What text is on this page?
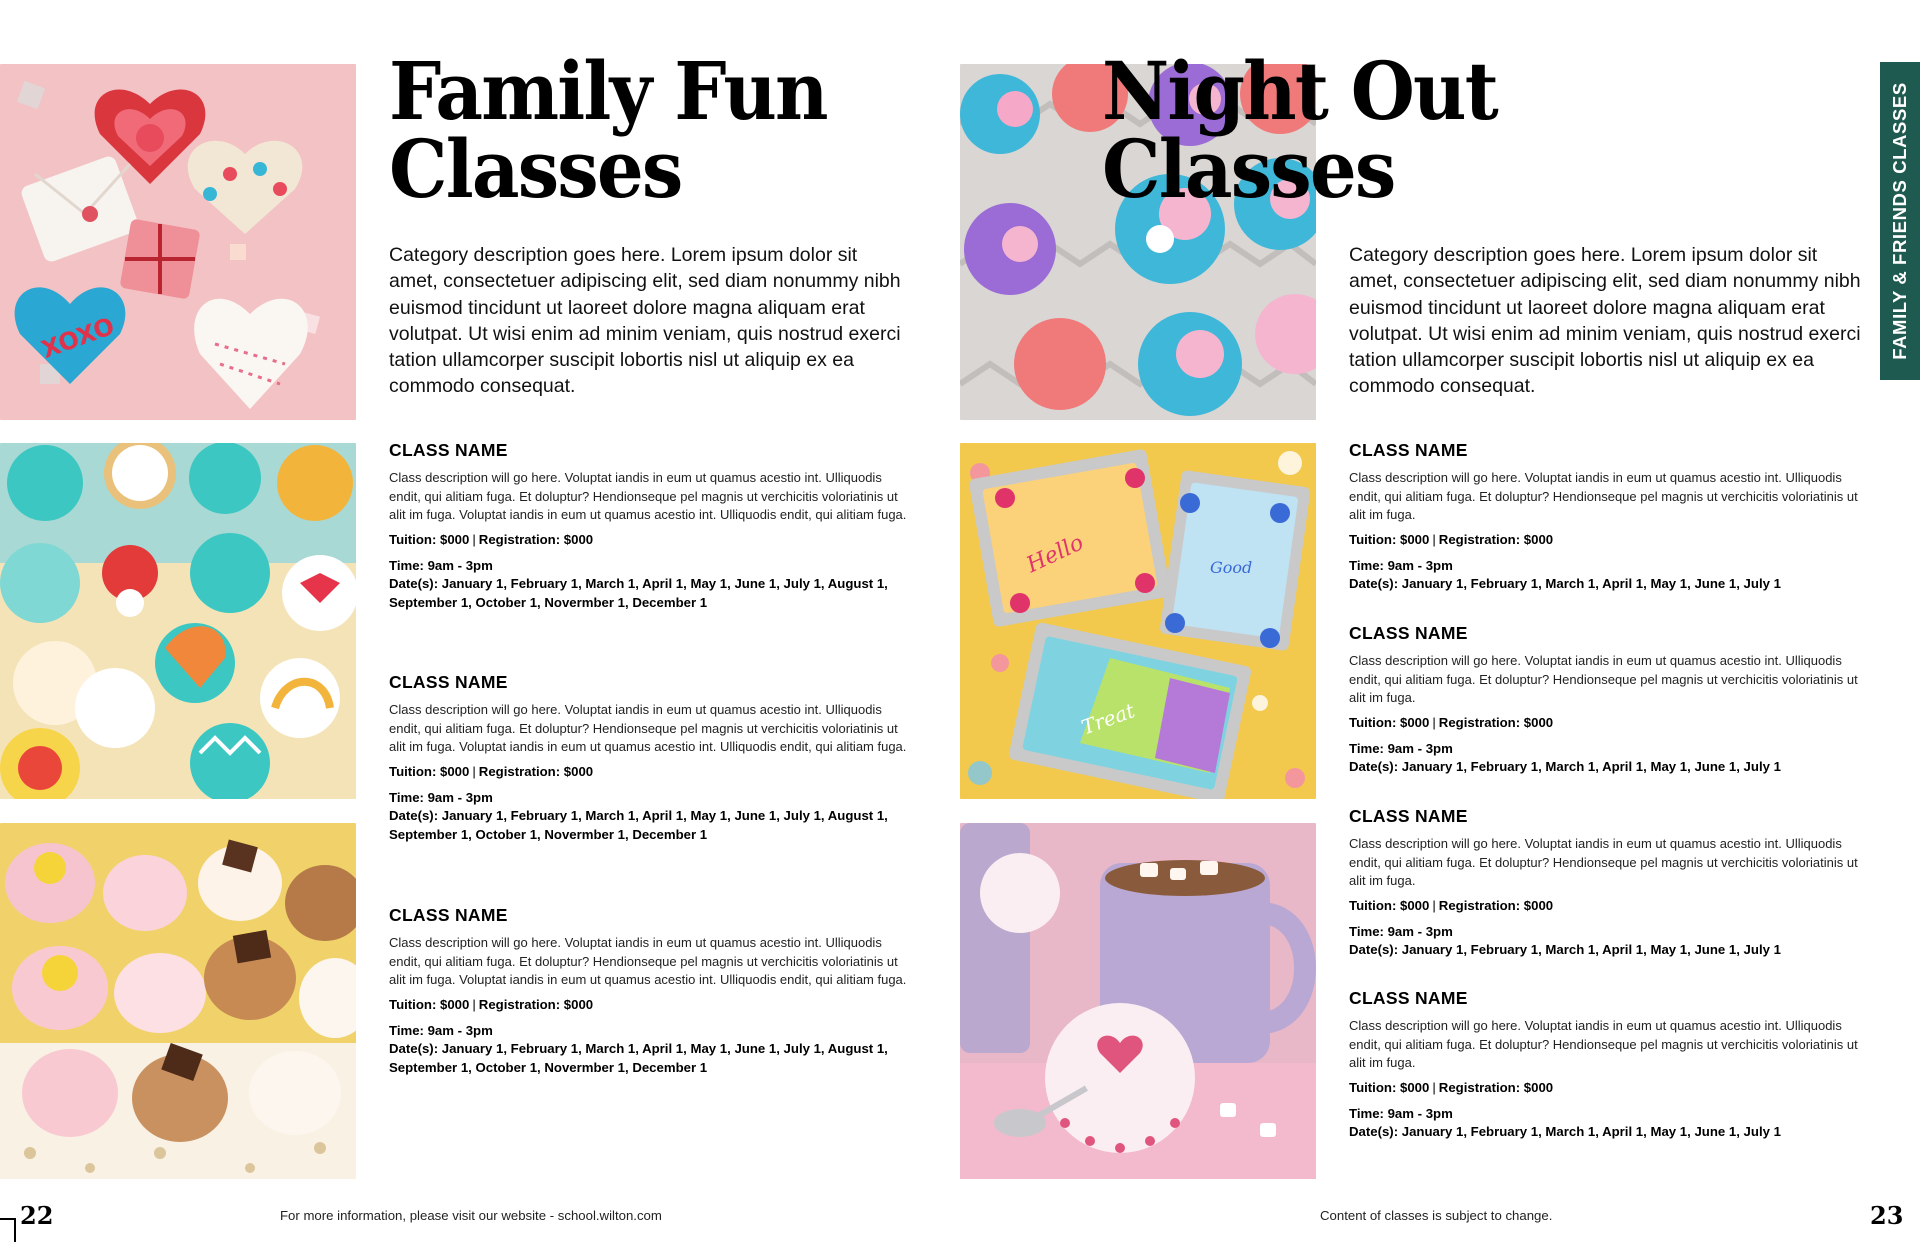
XOXO
Family Fun
Classes

Category description goes here. Lorem ipsum dolor sit amet, consectetuer adipiscing elit, sed diam nonummy nibh euismod tincidunt ut laoreet dolore magna aliquam erat volutpat. Ut wisi enim ad minim veniam, quis nostrud exerci tation ullamcorper suscipit lobortis nisl ut aliquip ex ea commodo consequat.

CLASS NAME

Class description will go here. Voluptat iandis in eum ut quamus acestio int. Ulliquodis endit, qui alitiam fuga. Et doluptur? Hendionseque pel magnis ut verchicitis voloriatinis ut alit im fuga. Voluptat iandis in eum ut quamus acestio int. Ulliquodis endit, qui alitiam fuga.

Tuition: $000 | Registration: $000

Time: 9am - 3pm

Date(s): January 1, February 1, March 1, April 1, May 1, June 1, July 1, August 1, September 1, October 1, Novermber 1, December 1

CLASS NAME

Class description will go here. Voluptat iandis in eum ut quamus acestio int. Ulliquodis endit, qui alitiam fuga. Et doluptur? Hendionseque pel magnis ut verchicitis voloriatinis ut alit im fuga. Voluptat iandis in eum ut quamus acestio int. Ulliquodis endit, qui alitiam fuga.

Tuition: $000 | Registration: $000

Time: 9am - 3pm

Date(s): January 1, February 1, March 1, April 1, May 1, June 1, July 1, August 1, September 1, October 1, Novermber 1, December 1

CLASS NAME

Class description will go here. Voluptat iandis in eum ut quamus acestio int. Ulliquodis endit, qui alitiam fuga. Et doluptur? Hendionseque pel magnis ut verchicitis voloriatinis ut alit im fuga. Voluptat iandis in eum ut quamus acestio int. Ulliquodis endit, qui alitiam fuga.

Tuition: $000 | Registration: $000

Time: 9am - 3pm

Date(s): January 1, February 1, March 1, April 1, May 1, June 1, July 1, August 1, September 1, October 1, Novermber 1, December 1

22	For more information, please visit our website - school.wilton.com
Hello	Good
Treat
Night Out
Classes

Category description goes here. Lorem ipsum dolor sit amet, consectetuer adipiscing elit, sed diam nonummy nibh euismod tincidunt ut laoreet dolore magna aliquam erat volutpat. Ut wisi enim ad minim veniam, quis nostrud exerci tation ullamcorper suscipit lobortis nisl ut aliquip ex ea commodo consequat.

CLASS NAME

Class description will go here. Voluptat iandis in eum ut quamus acestio int. Ulliquodis endit, qui alitiam fuga. Et doluptur? Hendionseque pel magnis ut verchicitis voloriatinis ut alit im fuga.

Tuition: $000 | Registration: $000

Time: 9am - 3pm

Date(s): January 1, February 1, March 1, April 1, May 1, June 1, July 1

CLASS NAME

Class description will go here. Voluptat iandis in eum ut quamus acestio int. Ulliquodis endit, qui alitiam fuga. Et doluptur? Hendionseque pel magnis ut verchicitis voloriatinis ut alit im fuga.

Tuition: $000 | Registration: $000

Time: 9am - 3pm

Date(s): January 1, February 1, March 1, April 1, May 1, June 1, July 1

CLASS NAME

Class description will go here. Voluptat iandis in eum ut quamus acestio int. Ulliquodis endit, qui alitiam fuga. Et doluptur? Hendionseque pel magnis ut verchicitis voloriatinis ut alit im fuga.

Tuition: $000 | Registration: $000

Time: 9am - 3pm

Date(s): January 1, February 1, March 1, April 1, May 1, June 1, July 1

CLASS NAME

Class description will go here. Voluptat iandis in eum ut quamus acestio int. Ulliquodis endit, qui alitiam fuga. Et doluptur? Hendionseque pel magnis ut verchicitis voloriatinis ut alit im fuga.

Tuition: $000 | Registration: $000

Time: 9am - 3pm

Date(s): January 1, February 1, March 1, April 1, May 1, June 1, July 1

Content of classes is subject to change.	23
FAMILY & FRIENDS CLASSES
